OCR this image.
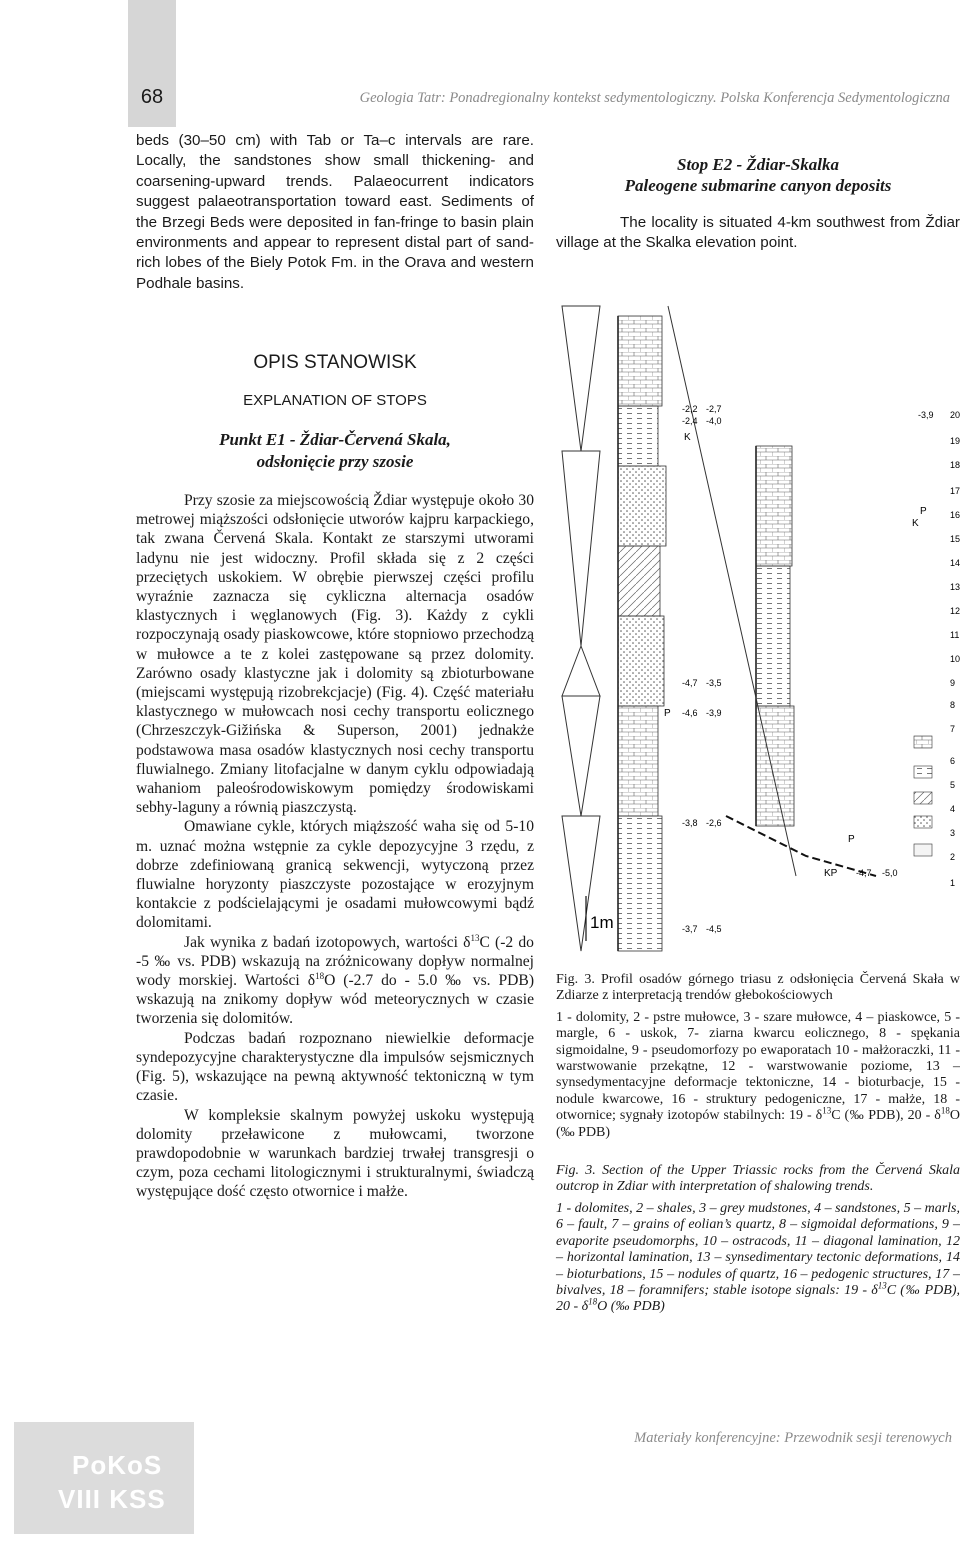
68	Geologia Tatr: Ponadregionalny kontekst sedymentologiczny. Polska Konferencja Sedymentologiczna

beds (30–50 cm) with Tab or Ta–c intervals are rare. Locally, the sandstones show small thickening- and coarsening-upward trends. Palaeocurrent indicators suggest palaeotransportation toward east. Sediments of the Brzegi Beds were deposited in fan-fringe to basin plain environments and appear to represent distal part of sand-rich lobes of the Biely Potok Fm. in the Orava and western Podhale basins.

OPIS STANOWISK
EXPLANATION OF STOPS
Punkt E1 - Ždiar-Červená Skala,
odsłonięcie przy szosie

Przy szosie za miejscowością Ždiar występuje około 30 metrowej miąższości odsłonięcie utworów kajpru karpackiego, tak zwana Červená Skala. Kontakt ze starszymi utworami ladynu nie jest widoczny. Profil składa się z 2 części przeciętych uskokiem. W obrębie pierwszej części profilu wyraźnie zaznacza się cykliczna alternacja osadów klastycznych i węglanowych (Fig. 3). Każdy z cykli rozpoczynają osady piaskowcowe, które stopniowo przechodzą w mułowce a te z kolei zastępowane są przez dolomity. Zarówno osady klastyczne jak i dolomity są zbioturbowane (miejscami występują rizobrekcjacje) (Fig. 4). Część materiału klastycznego w mułowcach nosi cechy transportu eolicznego (Chrzeszczyk-Gižińska & Superson, 2001) jednakże podstawowa masa osadów klastycznych nosi cechy transportu fluwialnego. Zmiany litofacjalne w danym cyklu odpowiadają wahaniom paleośrodowiskowym pomiędzy środowiskami sebhy-laguny a równią piaszczystą.

Omawiane cykle, których miąższość waha się od 5-10 m. uznać można wstępnie za cykle depozycyjne 3 rzędu, z dobrze zdefiniowaną granicą sekwencji, wytyczoną przez fluwialne horyzonty piaszczyste pozostające w erozyjnym kontakcie z podścielającymi je osadami mułowcowymi bądź dolomitami.

Jak wynika z badań izotopowych, wartości $\delta^{13}C$ (-2 do -5 ‰ vs. PDB) wskazują na zróżnicowany dopływ normalnej wody morskiej. Wartości $\delta^{18}O$ (-2.7 do - 5.0 ‰ vs. PDB) wskazują na znikomy dopływ wód meteorycznych w czasie tworzenia się dolomitów.

Podczas badań rozpoznano niewielkie deformacje syndepozycyjne charakterystyczne dla impulsów sejsmicznych (Fig. 5), wskazujące na pewną aktywność tektoniczną w tym czasie.

W kompleksie skalnym powyżej uskoku występują dolomity przeławicone z mułowcami, tworzone prawdopodobnie w warunkach bardziej trwałej transgresji o czym, poza cechami litologicznymi i strukturalnymi, świadczą występujące dość często otwornice i małże.

Stop E2 - Ždiar-Skalka
Paleogene submarine canyon deposits

The locality is situated 4-km southwest from Ždiar village at the Skalka elevation point.

1m
-2,2 -2,7
-2,4 -4,0
-4,7 -3,5
-4,6 -3,9
-3,8 -2,6
-4,7 -5,0
-3,7 -4,5
-3,9
K
P
K
P
P
KP
20
19
18
17
16
15
14
13
12
11
10
9
8
7
6
5
4
3
2
1

Fig. 3. Profil osadów górnego triasu z odsłonięcia Červená Skała w Zdiarze z interpretacją trendów głebokościowych

1 - dolomity, 2 - pstre mułowce, 3 - szare mułowce, 4 – piaskowce, 5 - margle, 6 - uskok, 7- ziarna kwarcu eolicznego, 8 - spękania sigmoidalne, 9 - pseudomorfozy po ewaporatach 10 - małżoraczki, 11 - warstwowanie przekątne, 12 - warstwowanie poziome, 13 – synsedymentacyjne deformacje tektoniczne, 14 - bioturbacje, 15 - nodule kwarcowe, 16 - struktury pedogeniczne, 17 - małże, 18 - otwornice; sygnały izotopów stabilnych: $19 - \delta^{13}C$ (‰ PDB), $20 - \delta^{18}O$ (‰ PDB)

Fig. 3. Section of the Upper Triassic rocks from the Červená Skala outcrop in Zdiar with interpretation of shalowing trends.

1 - dolomites, 2 – shales, 3 – grey mudstones, 4 – sandstones, 5 – marls, 6 – fault, 7 – grains of eolian’s quartz, 8 – sigmoidal deformations, 9 – evaporite pseudomorphs, 10 – ostracods, 11 – diagonal lamination, 12 – horizontal lamination, 13 – synsedimentary tectonic deformations, 14 – bioturbations, 15 – nodules of quartz, 16 – pedogenic structures, 17 – bivalves, 18 – foramnifers; stable isotope signals: $19 - \delta^{13}C$ (‰ PDB), $20 - \delta^{18}O$ (‰ PDB)

PoKoS
VIII KSS
Materiały konferencyjne: Przewodnik sesji terenowych
